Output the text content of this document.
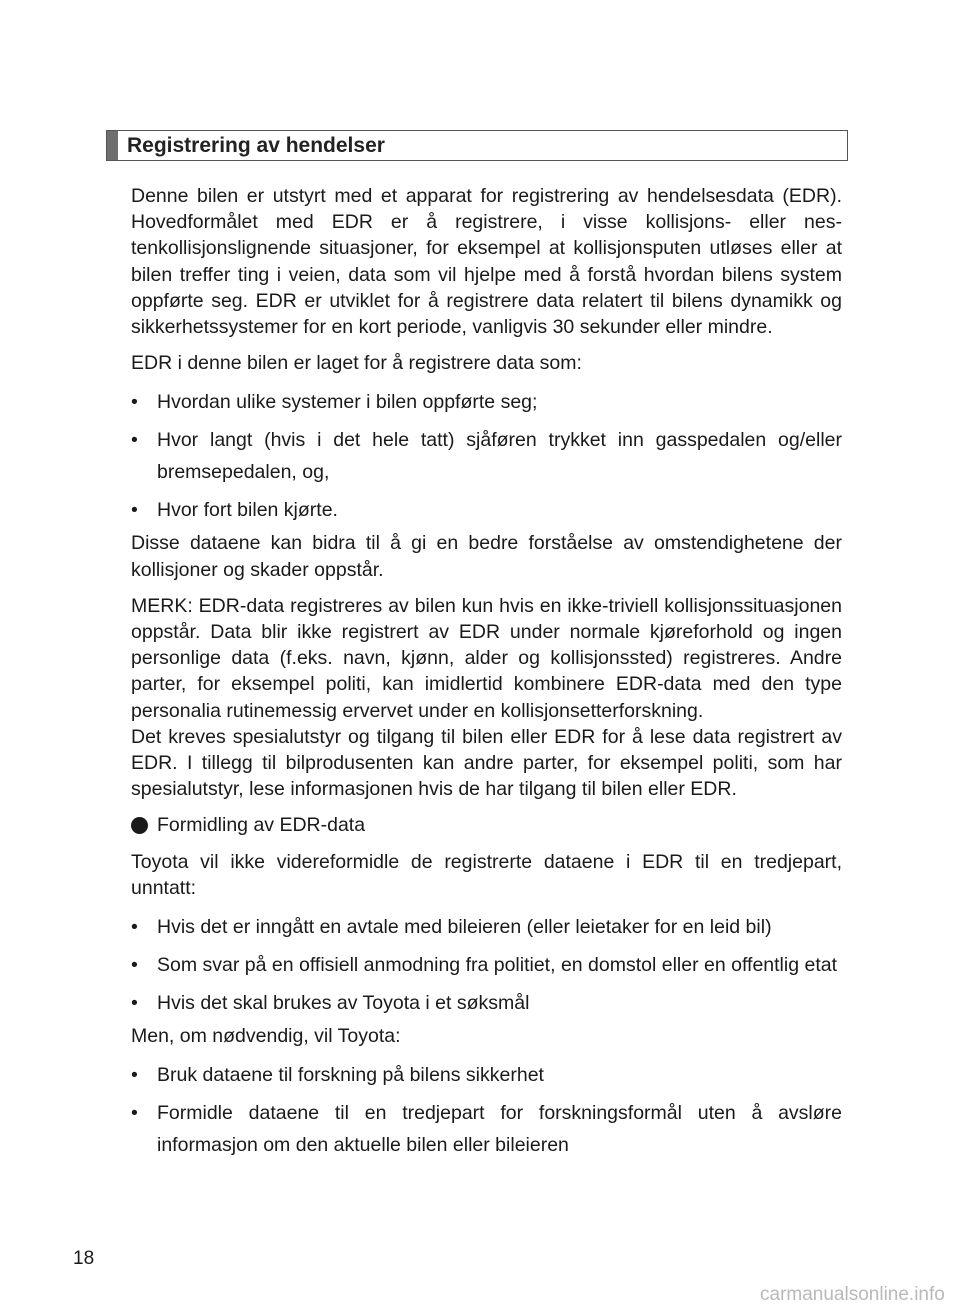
Registrering av hendelser

Denne bilen er utstyrt med et apparat for registrering av hendelsesdata (EDR). Hovedformålet med EDR er å registrere, i visse kollisjons- eller nestenkollisjonslignende situasjoner, for eksempel at kollisjonsputen utløses eller at bilen treffer ting i veien, data som vil hjelpe med å forstå hvordan bilens system oppførte seg. EDR er utviklet for å registrere data relatert til bilens dynamikk og sikkerhetssystemer for en kort periode, vanligvis 30 sekunder eller mindre.

EDR i denne bilen er laget for å registrere data som:

• Hvordan ulike systemer i bilen oppførte seg;
• Hvor langt (hvis i det hele tatt) sjåføren trykket inn gasspedalen og/eller bremsepedalen, og,
• Hvor fort bilen kjørte.

Disse dataene kan bidra til å gi en bedre forståelse av omstendighetene der kollisjoner og skader oppstår.

MERK: EDR-data registreres av bilen kun hvis en ikke-triviell kollisjonssituasjonen oppstår. Data blir ikke registrert av EDR under normale kjøreforhold og ingen personlige data (f.eks. navn, kjønn, alder og kollisjonssted) registreres. Andre parter, for eksempel politi, kan imidlertid kombinere EDR-data med den type personalia rutinemessig ervervet under en kollisjonsetterforskning.

Det kreves spesialutstyr og tilgang til bilen eller EDR for å lese data registrert av EDR. I tillegg til bilprodusenten kan andre parter, for eksempel politi, som har spesialutstyr, lese informasjonen hvis de har tilgang til bilen eller EDR.

Formidling av EDR-data

Toyota vil ikke videreformidle de registrerte dataene i EDR til en tredjepart, unntatt:

• Hvis det er inngått en avtale med bileieren (eller leietaker for en leid bil)
• Som svar på en offisiell anmodning fra politiet, en domstol eller en offentlig etat
• Hvis det skal brukes av Toyota i et søksmål

Men, om nødvendig, vil Toyota:

• Bruk dataene til forskning på bilens sikkerhet
• Formidle dataene til en tredjepart for forskningsformål uten å avsløre informasjon om den aktuelle bilen eller bileieren
18
carmanualsonline.info
